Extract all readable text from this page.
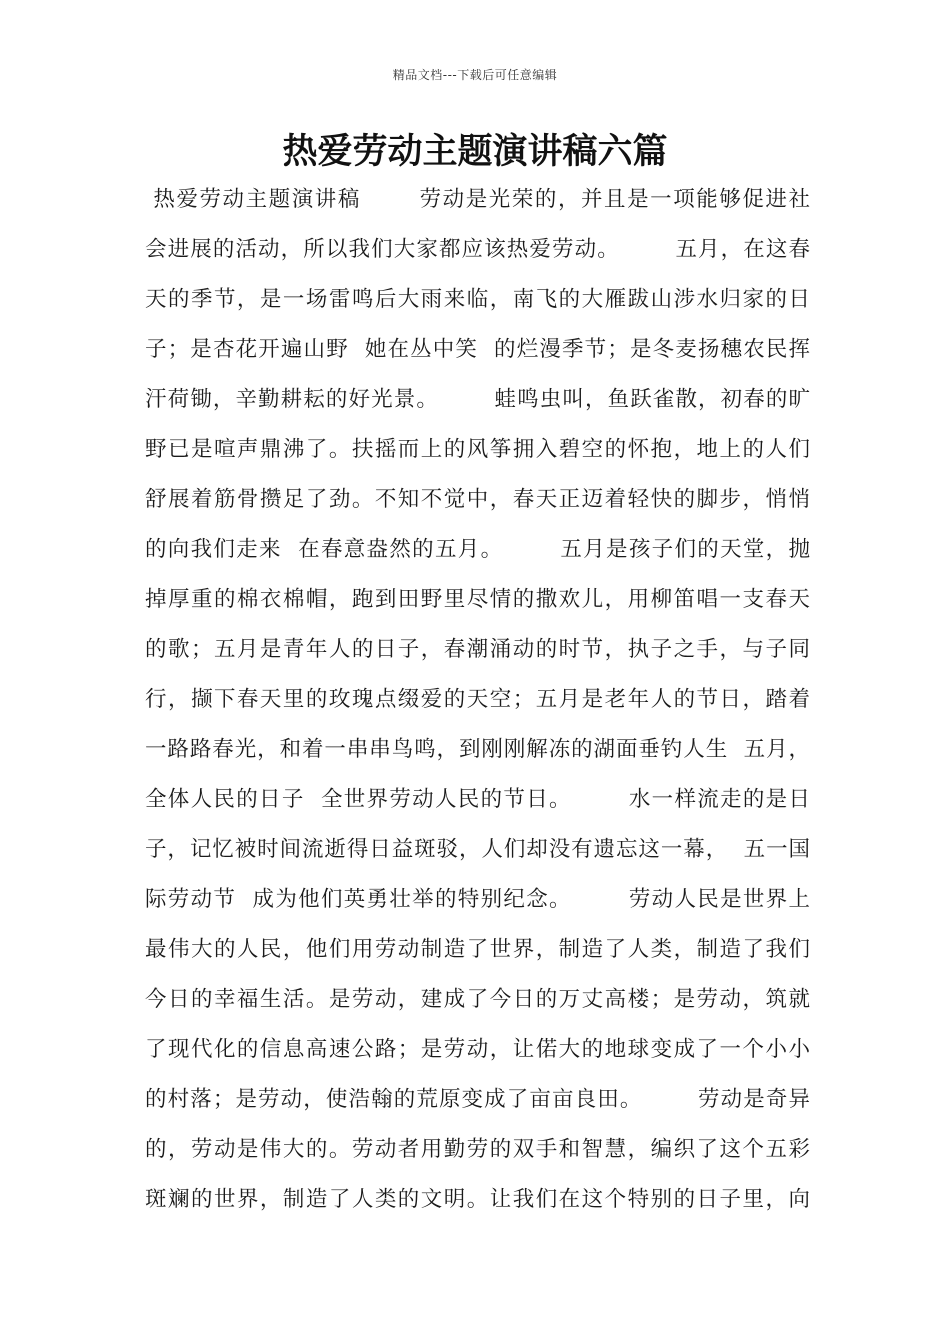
精品文档---下载后可任意编辑
热爱劳动主题演讲稿六篇
热爱劳动主题演讲稿       劳动是光荣的，并且是一项能够促进社
会进展的活动，所以我们大家都应该热爱劳动。       五月，在这春
天的季节，是一场雷鸣后大雨来临，南飞的大雁跋山涉水归家的日
子；是杏花开遍山野  她在丛中笑  的烂漫季节；是冬麦扬穗农民挥
汗荷锄，辛勤耕耘的好光景。       蛙鸣虫叫，鱼跃雀散，初春的旷
野已是喧声鼎沸了。扶摇而上的风筝拥入碧空的怀抱，地上的人们
舒展着筋骨攒足了劲。不知不觉中，春天正迈着轻快的脚步，悄悄
的向我们走来  在春意盎然的五月。       五月是孩子们的天堂，抛
掉厚重的棉衣棉帽，跑到田野里尽情的撒欢儿，用柳笛唱一支春天
的歌；五月是青年人的日子，春潮涌动的时节，执子之手，与子同
行，撷下春天里的玫瑰点缀爱的天空；五月是老年人的节日，踏着
一路路春光，和着一串串鸟鸣，到刚刚解冻的湖面垂钓人生  五月，
全体人民的日子  全世界劳动人民的节日。       水一样流走的是日
子，记忆被时间流逝得日益斑驳，人们却没有遗忘这一幕，  五一国
际劳动节  成为他们英勇壮举的特别纪念。       劳动人民是世界上
最伟大的人民，他们用劳动制造了世界，制造了人类，制造了我们
今日的幸福生活。是劳动，建成了今日的万丈高楼；是劳动，筑就
了现代化的信息高速公路；是劳动，让偌大的地球变成了一个小小
的村落；是劳动，使浩翰的荒原变成了亩亩良田。       劳动是奇异
的，劳动是伟大的。劳动者用勤劳的双手和智慧，编织了这个五彩
斑斓的世界，制造了人类的文明。让我们在这个特别的日子里，向
